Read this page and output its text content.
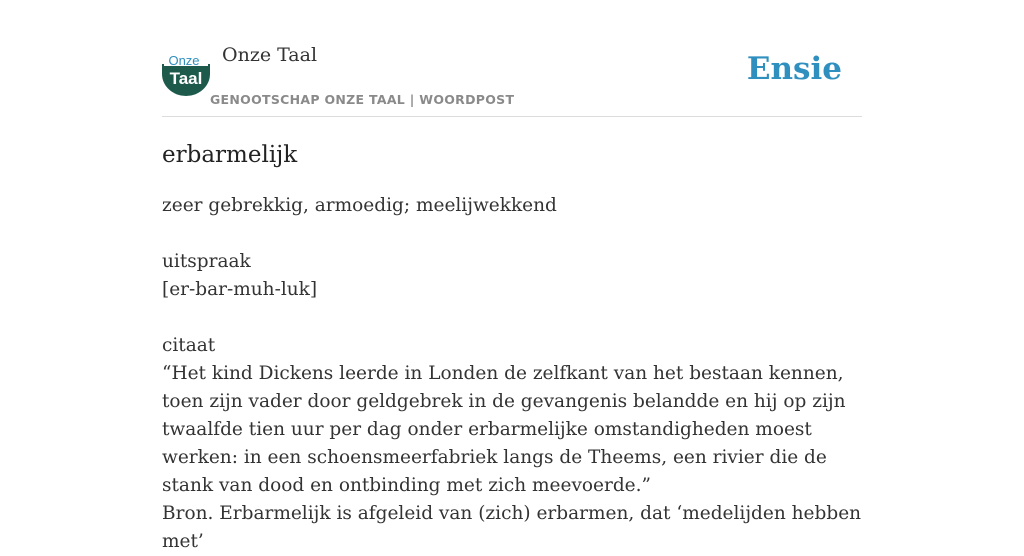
Onze
Taal
Onze Taal
GENOOTSCHAP ONZE TAAL | WOORDPOST
Ensie
erbarmelijk

zeer gebrekkig, armoedig; meelijwekkend

uitspraak

[er-bar-muh-luk]

citaat

“Het kind Dickens leerde in Londen de zelfkant van het bestaan kennen, toen zijn vader door geldgebrek in de gevangenis belandde en hij op zijn twaalfde tien uur per dag onder erbarmelijke omstandigheden moest werken: in een schoensmeerfabriek langs de Theems, een rivier die de stank van dood en ontbinding met zich meevoerde.”

Bron. Erbarmelijk is afgeleid van (zich) erbarmen, dat ‘medelijden hebben met’
